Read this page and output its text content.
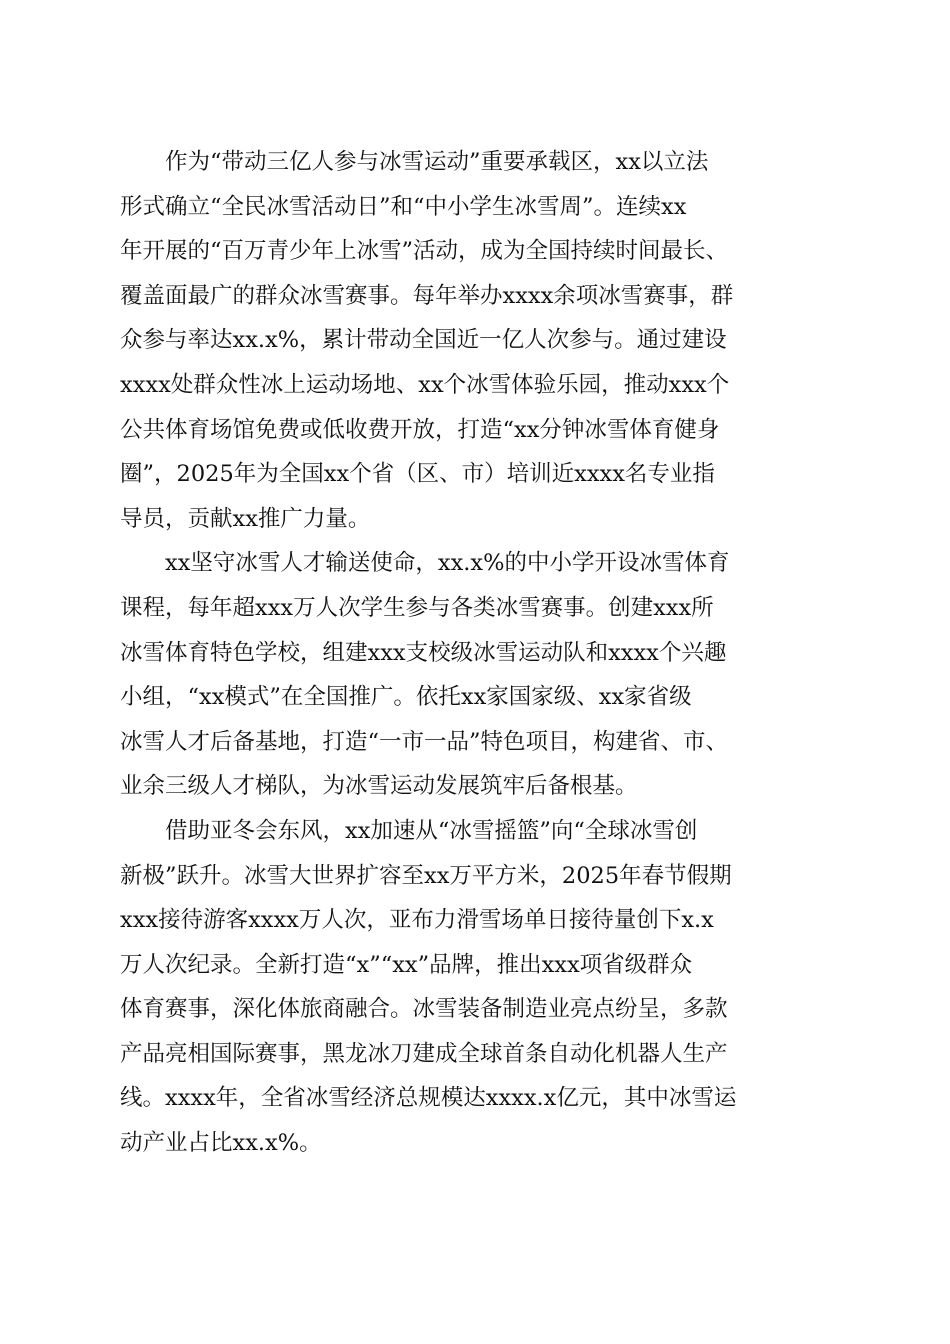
作为“带动三亿人参与冰雪运动”重要承载区，xx以立法
形式确立“全民冰雪活动日”和“中小学生冰雪周”。连续xx
年开展的“百万青少年上冰雪”活动，成为全国持续时间最长、
覆盖面最广的群众冰雪赛事。每年举办xxxx余项冰雪赛事，群
众参与率达xx.x%，累计带动全国近一亿人次参与。通过建设
xxxx处群众性冰上运动场地、xx个冰雪体验乐园，推动xxx个
公共体育场馆免费或低收费开放，打造“xx分钟冰雪体育健身
圈”，2025年为全国xx个省（区、市）培训近xxxx名专业指
导员，贡献xx推广力量。

xx坚守冰雪人才输送使命，xx.x%的中小学开设冰雪体育
课程，每年超xxx万人次学生参与各类冰雪赛事。创建xxx所
冰雪体育特色学校，组建xxx支校级冰雪运动队和xxxx个兴趣
小组，“xx模式”在全国推广。依托xx家国家级、xx家省级
冰雪人才后备基地，打造“一市一品”特色项目，构建省、市、
业余三级人才梯队，为冰雪运动发展筑牢后备根基。

借助亚冬会东风，xx加速从“冰雪摇篮”向“全球冰雪创
新极”跃升。冰雪大世界扩容至xx万平方米，2025年春节假期
xxx接待游客xxxx万人次，亚布力滑雪场单日接待量创下x.x
万人次纪录。全新打造“x”“xx”品牌，推出xxx项省级群众
体育赛事，深化体旅商融合。冰雪装备制造业亮点纷呈，多款
产品亮相国际赛事，黑龙冰刀建成全球首条自动化机器人生产
线。xxxx年，全省冰雪经济总规模达xxxx.x亿元，其中冰雪运
动产业占比xx.x%。
